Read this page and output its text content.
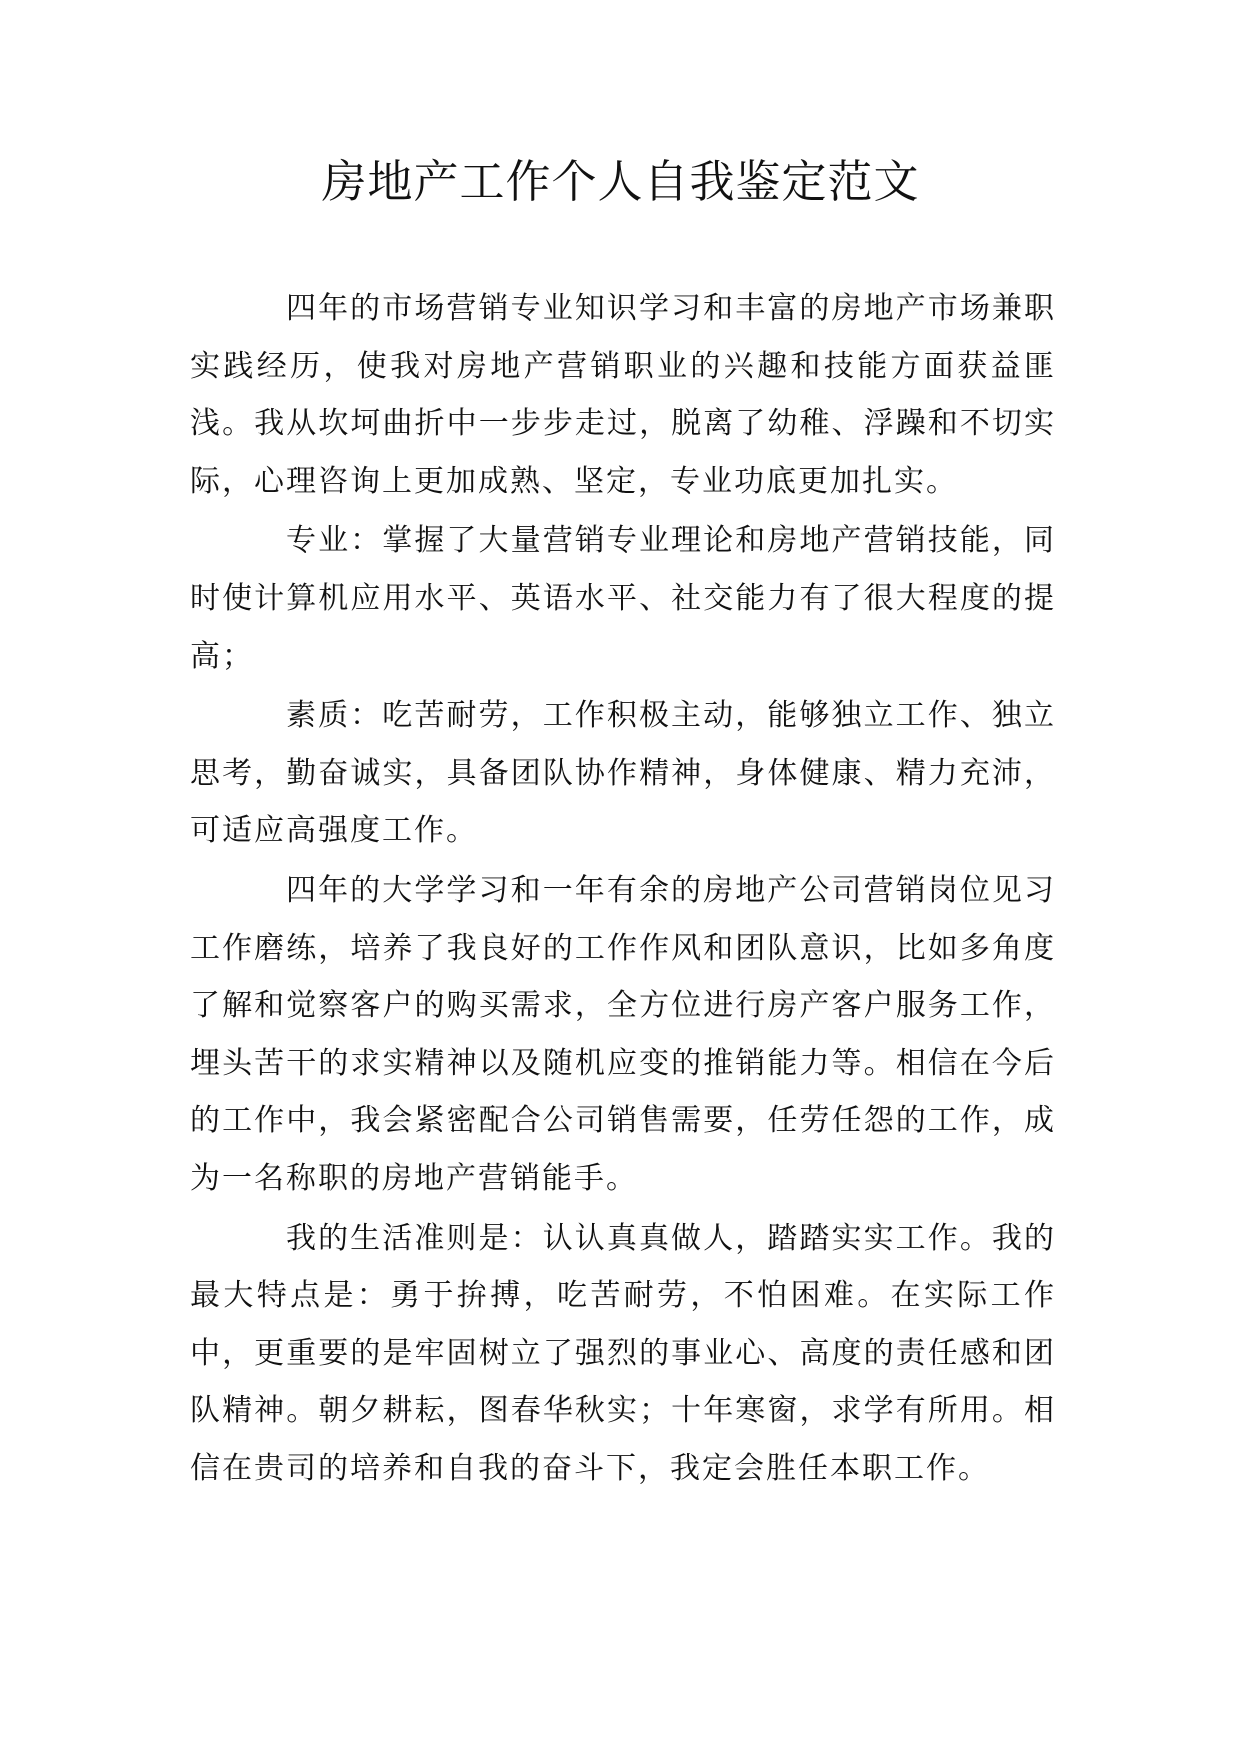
房地产工作个人自我鉴定范文

四年的市场营销专业知识学习和丰富的房地产市场兼职实践经历，使我对房地产营销职业的兴趣和技能方面获益匪浅。我从坎坷曲折中一步步走过，脱离了幼稚、浮躁和不切实际，心理咨询上更加成熟、坚定，专业功底更加扎实。

专业：掌握了大量营销专业理论和房地产营销技能，同时使计算机应用水平、英语水平、社交能力有了很大程度的提高；

素质：吃苦耐劳，工作积极主动，能够独立工作、独立思考，勤奋诚实，具备团队协作精神，身体健康、精力充沛，可适应高强度工作。

四年的大学学习和一年有余的房地产公司营销岗位见习工作磨练，培养了我良好的工作作风和团队意识，比如多角度了解和觉察客户的购买需求，全方位进行房产客户服务工作，埋头苦干的求实精神以及随机应变的推销能力等。相信在今后的工作中，我会紧密配合公司销售需要，任劳任怨的工作，成为一名称职的房地产营销能手。

我的生活准则是：认认真真做人，踏踏实实工作。我的最大特点是：勇于拚搏，吃苦耐劳，不怕困难。在实际工作中，更重要的是牢固树立了强烈的事业心、高度的责任感和团队精神。朝夕耕耘，图春华秋实；十年寒窗，求学有所用。相信在贵司的培养和自我的奋斗下，我定会胜任本职工作。
